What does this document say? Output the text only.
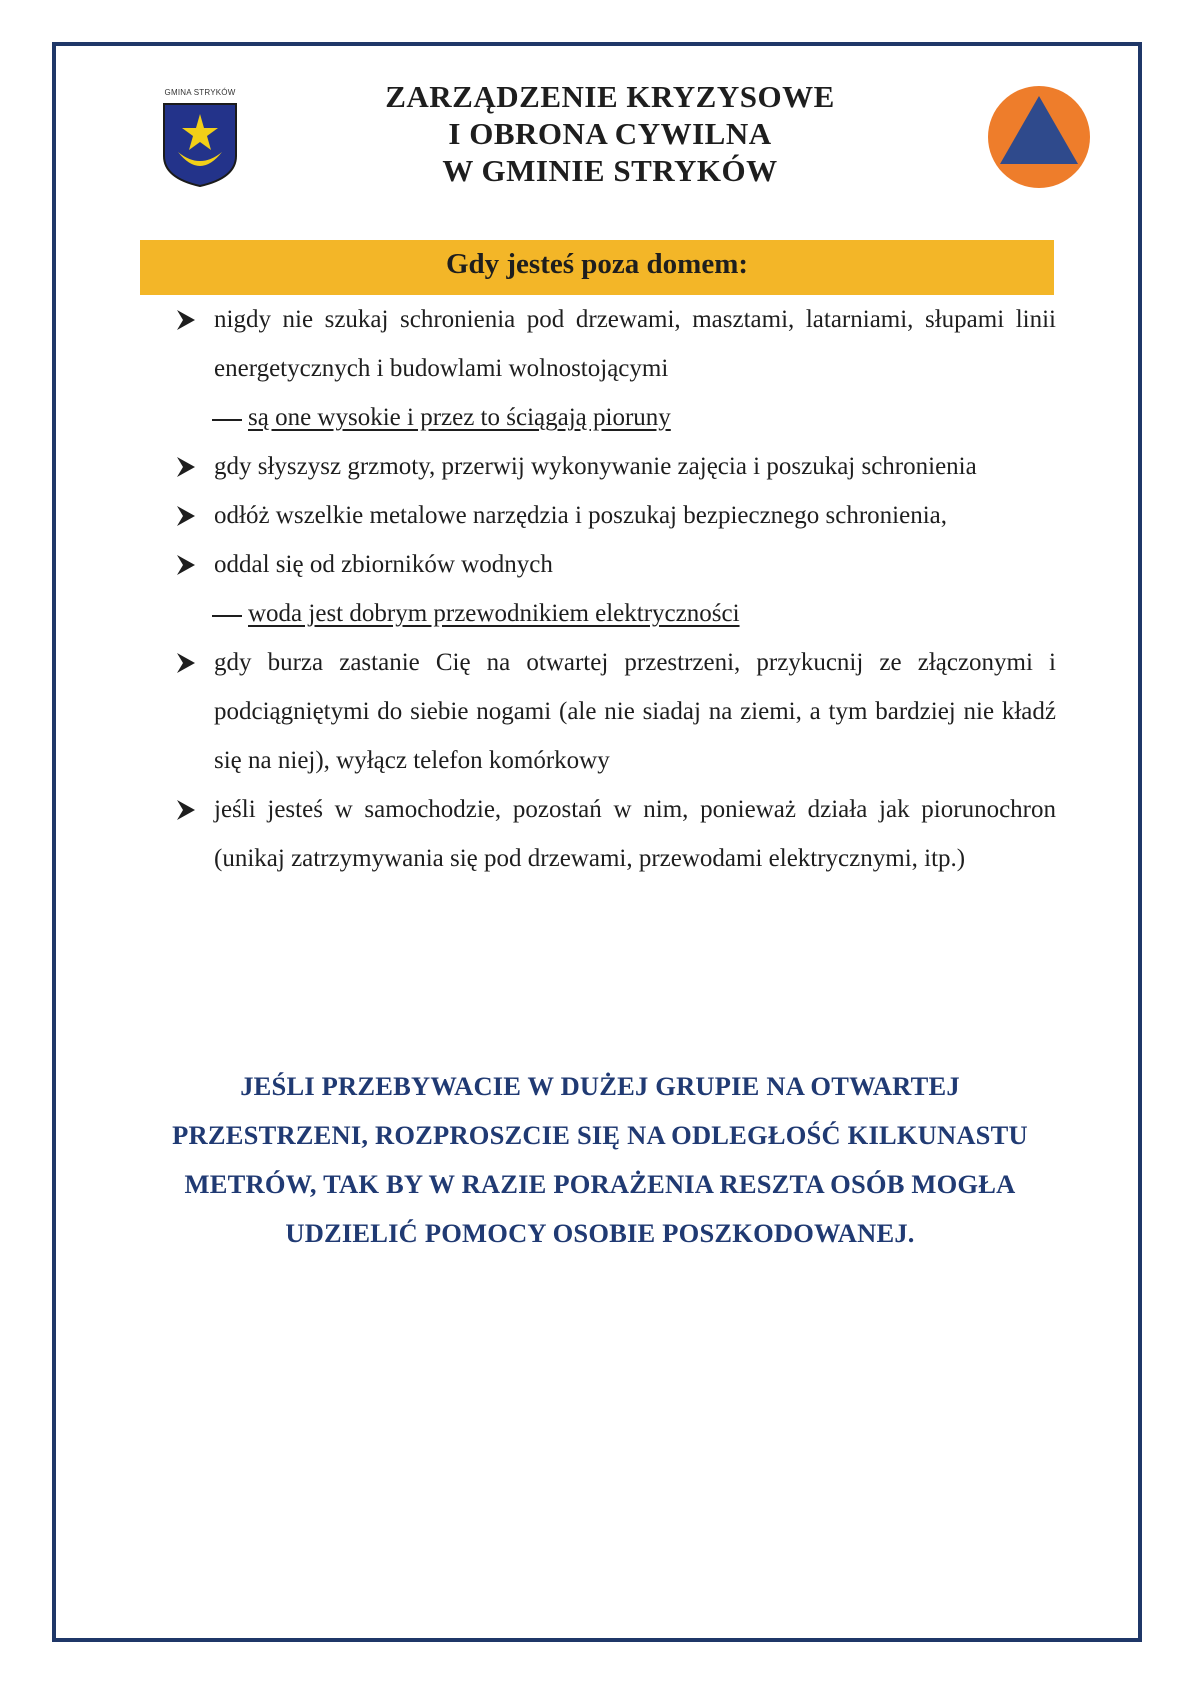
GMINA STRYKÓW	ZARZĄDZENIE KRYZYSOWE
I OBRONA CYWILNA
W GMINIE STRYKÓW
Gdy jesteś poza domem:
nigdy nie szukaj schronienia pod drzewami, masztami, latarniami, słupami linii energetycznych i budowlami wolnostojącymi
są one wysokie i przez to ściągają pioruny
gdy słyszysz grzmoty, przerwij wykonywanie zajęcia i poszukaj schronienia
odłóż wszelkie metalowe narzędzia i poszukaj bezpiecznego schronienia,
oddal się od zbiorników wodnych
woda jest dobrym przewodnikiem elektryczności
gdy burza zastanie Cię na otwartej przestrzeni, przykucnij ze złączonymi i podciągniętymi do siebie nogami (ale nie siadaj na ziemi, a tym bardziej nie kładź się na niej), wyłącz telefon komórkowy
jeśli jesteś w samochodzie, pozostań w nim, ponieważ działa jak piorunochron (unikaj zatrzymywania się pod drzewami, przewodami elektrycznymi, itp.)
JEŚLI PRZEBYWACIE W DUŻEJ GRUPIE NA OTWARTEJ
PRZESTRZENI, ROZPROSZCIE SIĘ NA ODLEGŁOŚĆ KILKUNASTU
METRÓW, TAK BY W RAZIE PORAŻENIA RESZTA OSÓB MOGŁA
UDZIELIĆ POMOCY OSOBIE POSZKODOWANEJ.
